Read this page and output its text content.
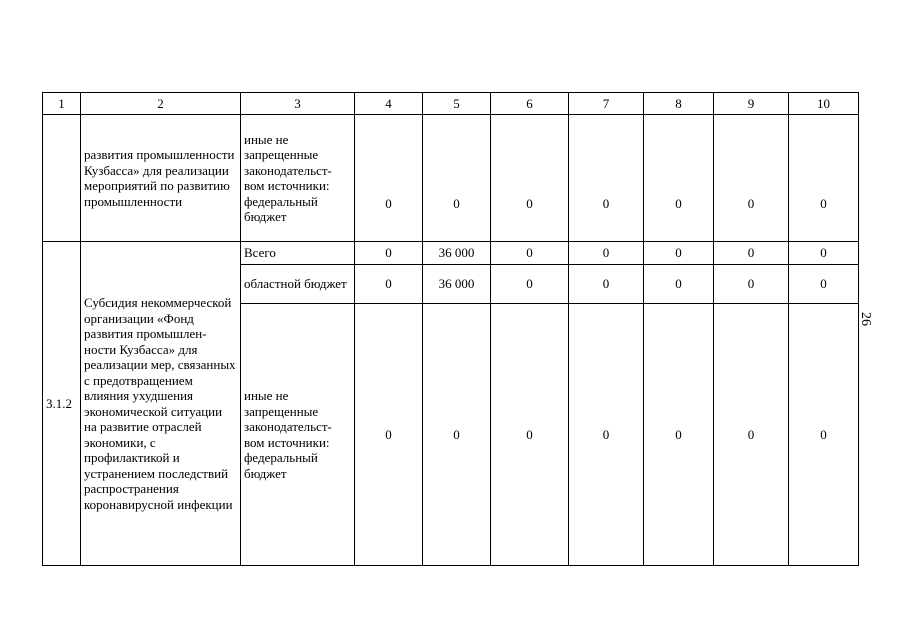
1	2	3	4	5	6	7	8	9	10
	развития промышленности Кузбасса» для реализации мероприятий по развитию промышленности	иные не запрещенные законодательст-вом источники: федеральный бюджет	0	0	0	0	0	0	0
3.1.2	Субсидия некоммерческой организации «Фонд развития промышлен-ности Кузбасса» для реализации мер, связанных с предотвращением влияния ухудшения экономической ситуации на развитие отраслей экономики, с профилактикой и устранением последствий распространения коронавирусной инфекции	Всего	0	36 000	0	0	0	0	0
		областной бюджет	0	36 000	0	0	0	0	0
		иные не запрещенные законодательст-вом источники: федеральный бюджет	0	0	0	0	0	0	0
26
